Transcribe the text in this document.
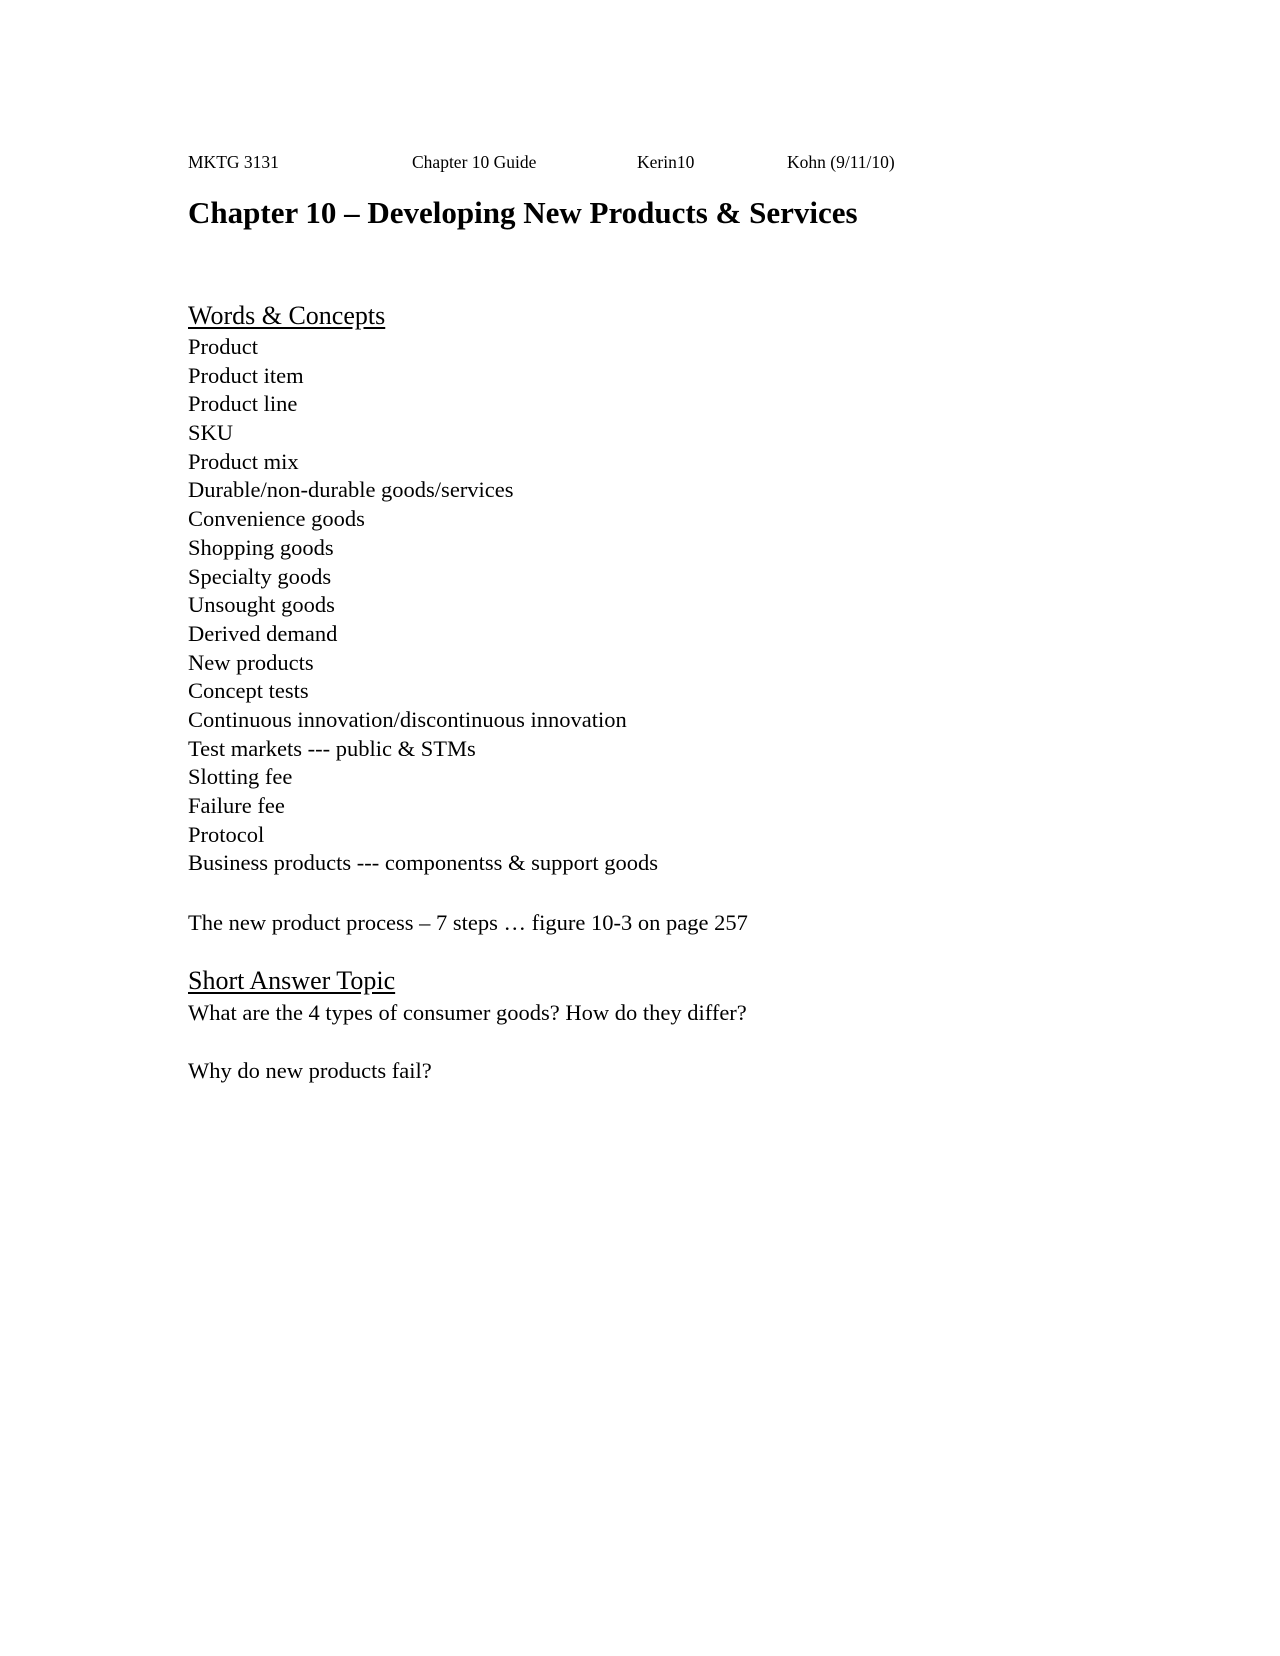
MKTG 3131	Chapter 10 Guide	Kerin10	Kohn (9/11/10)
Chapter 10 – Developing New Products & Services
Words & Concepts
Product
Product item
Product line
SKU
Product mix
Durable/non-durable goods/services
Convenience goods
Shopping goods
Specialty goods
Unsought goods
Derived demand
New products
Concept tests
Continuous innovation/discontinuous innovation
Test markets --- public & STMs
Slotting fee
Failure fee
Protocol
Business products --- componentss & support goods

The new product process – 7 steps … figure 10-3 on page 257

Short Answer Topic

What are the 4 types of consumer goods? How do they differ?

Why do new products fail?
